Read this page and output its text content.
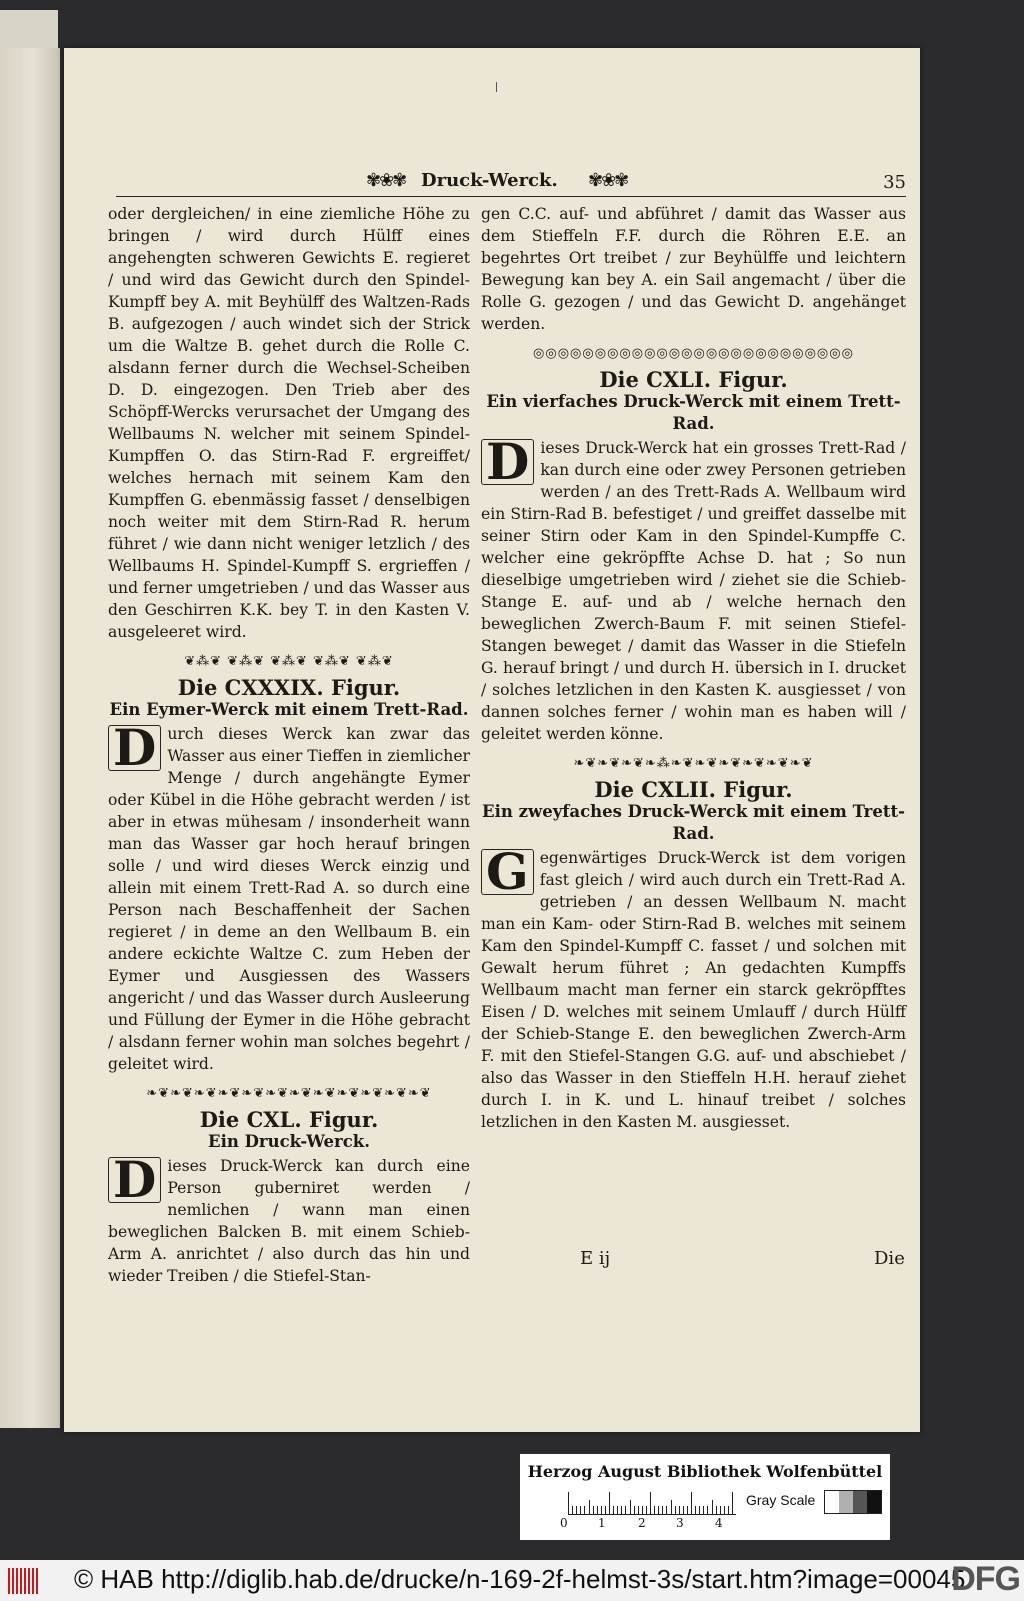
✾❀✾ Druck-Werck. ✾❀✾	35

oder dergleichen/ in eine ziemliche Höhe zu bringen / wird durch Hülff eines angehengten schweren Gewichts E. regieret / und wird das Gewicht durch den Spindel-Kumpff bey A. mit Beyhülff des Waltzen-Rads B. aufgezogen / auch windet sich der Strick um die Waltze B. gehet durch die Rolle C. alsdann ferner durch die Wechsel-Scheiben D. D. eingezogen. Den Trieb aber des Schöpff-Wercks verursachet der Umgang des Wellbaums N. welcher mit seinem Spindel-Kumpffen O. das Stirn-Rad F. ergreiffet/ welches hernach mit seinem Kam den Kumpffen G. ebenmässig fasset / denselbigen noch weiter mit dem Stirn-Rad R. herum führet / wie dann nicht weniger letzlich / des Wellbaums H. Spindel-Kumpff S. ergrieffen / und ferner umgetrieben / und das Wasser aus den Geschirren K.K. bey T. in den Kasten V. ausgeleeret wird.

❦⁂❦ ❦⁂❦ ❦⁂❦ ❦⁂❦ ❦⁂❦
Die CXXXIX. Figur.
Ein Eymer-Werck mit einem Trett-Rad.

D urch dieses Werck kan zwar das Wasser aus einer Tieffen in ziemlicher Menge / durch angehängte Eymer oder Kübel in die Höhe gebracht werden / ist aber in etwas mühesam / insonderheit wann man das Wasser gar hoch herauf bringen solle / und wird dieses Werck einzig und allein mit einem Trett-Rad A. so durch eine Person nach Beschaffenheit der Sachen regieret / in deme an den Wellbaum B. ein andere eckichte Waltze C. zum Heben der Eymer und Ausgiessen des Wassers angericht / und das Wasser durch Ausleerung und Füllung der Eymer in die Höhe gebracht / alsdann ferner wohin man solches begehrt / geleitet wird.

❧❦❧❦❧❦❧❦❧❦❧❦❧❦❧❦❧❦❧❦❧❦❧❦
Die CXL. Figur.
Ein Druck-Werck.

D ieses Druck-Werck kan durch eine Person guberniret werden / nemlichen / wann man einen beweglichen Balcken B. mit einem Schieb-Arm A. anrichtet / also durch das hin und wieder Treiben / die Stiefel-Stan-

gen C.C. auf- und abführet / damit das Wasser aus dem Stieffeln F.F. durch die Röhren E.E. an begehrtes Ort treibet / zur Beyhülffe und leichtern Bewegung kan bey A. ein Sail angemacht / über die Rolle G. gezogen / und das Gewicht D. angehänget werden.

◎◎◎◎◎◎◎◎◎◎◎◎◎◎◎◎◎◎◎◎◎◎◎◎◎◎
Die CXLI. Figur.
Ein vierfaches Druck-Werck mit einem Trett-Rad.

D ieses Druck-Werck hat ein grosses Trett-Rad / kan durch eine oder zwey Personen getrieben werden / an des Trett-Rads A. Wellbaum wird ein Stirn-Rad B. befestiget / und greiffet dasselbe mit seiner Stirn oder Kam in den Spindel-Kumpffe C. welcher eine gekröpffte Achse D. hat ; So nun dieselbige umgetrieben wird / ziehet sie die Schieb-Stange E. auf- und ab / welche hernach den beweglichen Zwerch-Baum F. mit seinen Stiefel-Stangen beweget / damit das Wasser in die Stiefeln G. herauf bringt / und durch H. übersich in I. drucket / solches letzlichen in den Kasten K. ausgiesset / von dannen solches ferner / wohin man es haben will / geleitet werden könne.

❧❦❧❦❧❦❧⁂❧❦❧❦❧❦❧❦❧❦❧❦
Die CXLII. Figur.
Ein zweyfaches Druck-Werck mit einem Trett-Rad.

G egenwärtiges Druck-Werck ist dem vorigen fast gleich / wird auch durch ein Trett-Rad A. getrieben / an dessen Wellbaum N. macht man ein Kam- oder Stirn-Rad B. welches mit seinem Kam den Spindel-Kumpff C. fasset / und solchen mit Gewalt herum führet ; An gedachten Kumpffs Wellbaum macht man ferner ein starck gekröpfftes Eisen / D. welches mit seinem Umlauff / durch Hülff der Schieb-Stange E. den beweglichen Zwerch-Arm F. mit den Stiefel-Stangen G.G. auf- und abschiebet / also das Wasser in den Stieffeln H.H. herauf ziehet durch I. in K. und L. hinauf treibet / solches letzlichen in den Kasten M. ausgiesset.

E ij	Die
Herzog August Bibliothek Wolfenbüttel
0	1	2	3	4
Gray Scale
© HAB http://diglib.hab.de/drucke/n-169-2f-helmst-3s/start.htm?image=00045
DFG
